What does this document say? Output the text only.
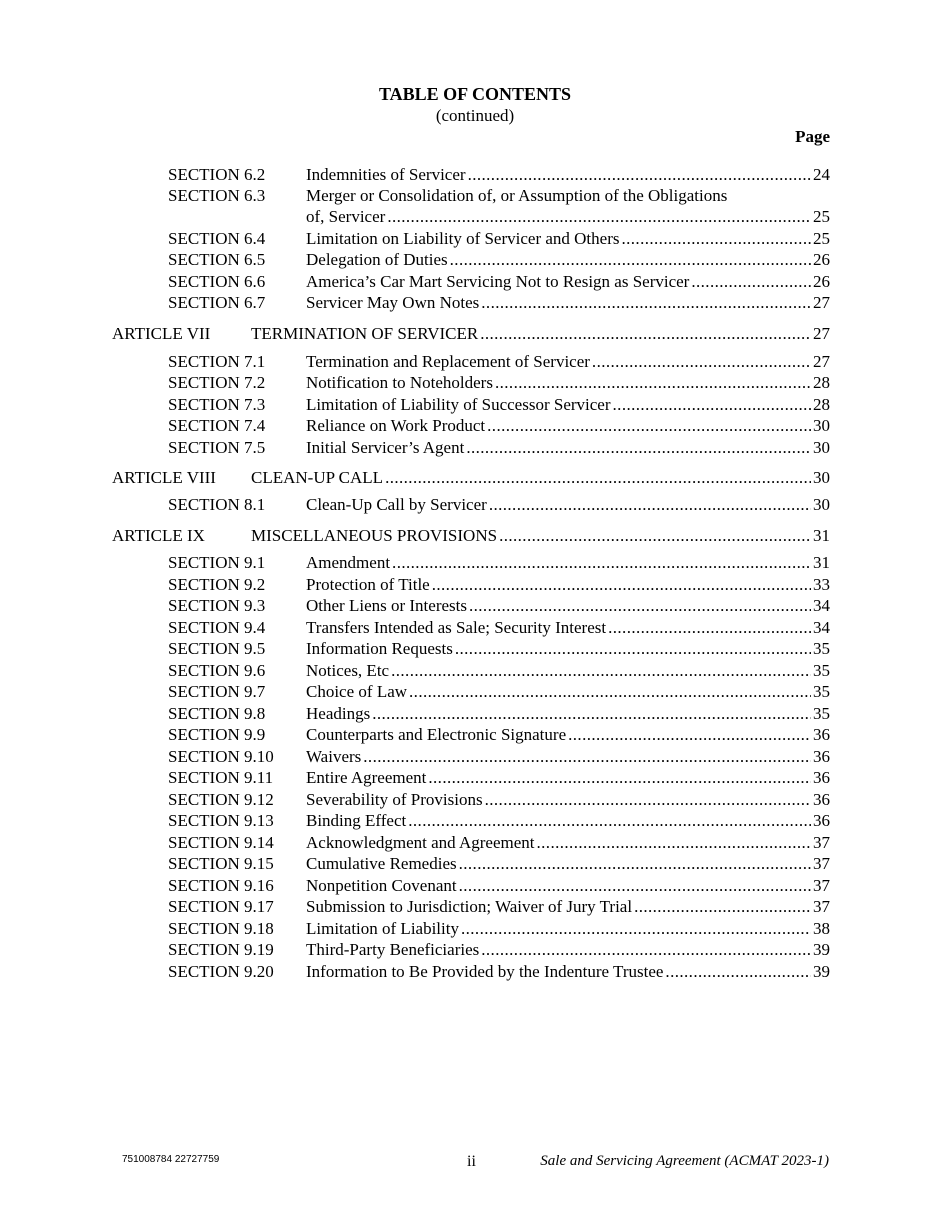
TABLE OF CONTENTS
(continued)
Page
SECTION 6.2 Indemnities of Servicer .....	24
SECTION 6.3 Merger or Consolidation of, or Assumption of the Obligations
of, Servicer .....	25
SECTION 6.4 Limitation on Liability of Servicer and Others .....	25
SECTION 6.5 Delegation of Duties .....	26
SECTION 6.6 America’s Car Mart Servicing Not to Resign as Servicer .....	26
SECTION 6.7 Servicer May Own Notes .....	27
ARTICLE VII TERMINATION OF SERVICER .....	27
SECTION 7.1 Termination and Replacement of Servicer .....	27
SECTION 7.2 Notification to Noteholders .....	28
SECTION 7.3 Limitation of Liability of Successor Servicer .....	28
SECTION 7.4 Reliance on Work Product .....	30
SECTION 7.5 Initial Servicer’s Agent .....	30
ARTICLE VIII CLEAN-UP CALL .....	30
SECTION 8.1 Clean-Up Call by Servicer .....	30
ARTICLE IX	MISCELLANEOUS PROVISIONS .....	31
SECTION 9.1 Amendment .....	31
SECTION 9.2 Protection of Title .....	33
SECTION 9.3 Other Liens or Interests .....	34
SECTION 9.4 Transfers Intended as Sale; Security Interest .....	34
SECTION 9.5 Information Requests .....	35
SECTION 9.6 Notices, Etc .....	35
SECTION 9.7 Choice of Law .....	35
SECTION 9.8 Headings .....	35
SECTION 9.9 Counterparts and Electronic Signature .....	36
SECTION 9.10 Waivers .....	36
SECTION 9.11 Entire Agreement .....	36
SECTION 9.12 Severability of Provisions .....	36
SECTION 9.13 Binding Effect .....	36
SECTION 9.14 Acknowledgment and Agreement .....	37
SECTION 9.15 Cumulative Remedies .....	37
SECTION 9.16 Nonpetition Covenant .....	37
SECTION 9.17 Submission to Jurisdiction; Waiver of Jury Trial .....	37
SECTION 9.18 Limitation of Liability .....	38
SECTION 9.19 Third-Party Beneficiaries .....	39
SECTION 9.20 Information to Be Provided by the Indenture Trustee .....	39
751008784 22727759	ii	Sale and Servicing Agreement (ACMAT 2023-1)
